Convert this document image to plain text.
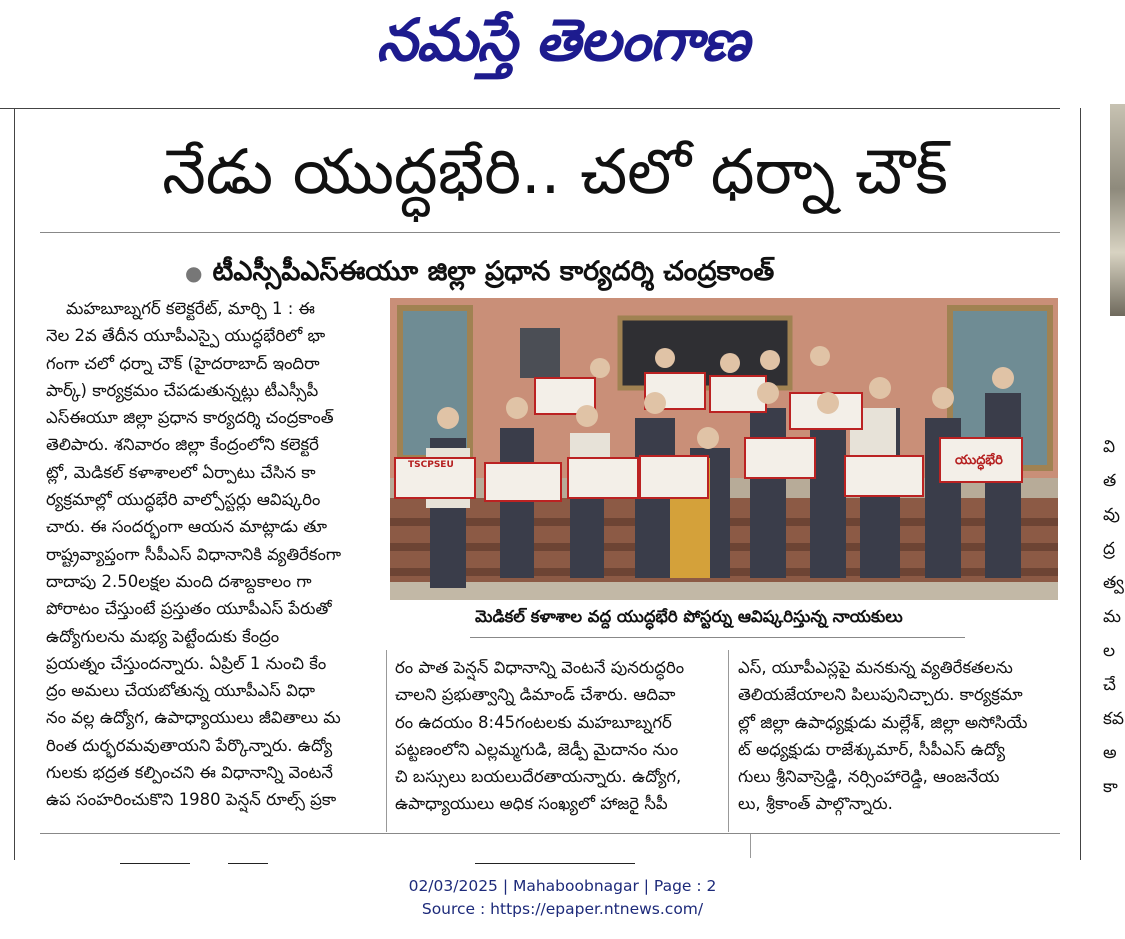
నమస్తే తెలంగాణ
నేడు యుద్ధభేరి.. చలో ధర్నా చౌక్
● టీఎస్సీపీఎస్ఈయూ జిల్లా ప్రధాన కార్యదర్శి చంద్రకాంత్

మహబూబ్నగర్ కలెక్టరేట్, మార్చి 1 : ఈ

నెల 2వ తేదీన యూపీఎస్పై యుద్ధభేరిలో భా

గంగా చలో ధర్నా చౌక్ (హైదరాబాద్ ఇందిరా

పార్క్) కార్యక్రమం చేపడుతున్నట్లు టీఎస్సీపీ

ఎస్ఈయూ జిల్లా ప్రధాన కార్యదర్శి చంద్రకాంత్

తెలిపారు. శనివారం జిల్లా కేంద్రంలోని కలెక్టరే

ట్లో, మెడికల్ కళాశాలలో ఏర్పాటు చేసిన కా

ర్యక్రమాల్లో యుద్ధభేరి వాల్పోస్టర్లు ఆవిష్కరిం

చారు. ఈ సందర్భంగా ఆయన మాట్లాడు తూ

రాష్ట్రవ్యాప్తంగా సీపీఎస్ విధానానికి వ్యతిరేకంగా

దాదాపు 2.50లక్షల మంది దశాబ్దకాలం గా

పోరాటం చేస్తుంటే ప్రస్తుతం యూపీఎస్ పేరుతో

ఉద్యోగులను మభ్య పెట్టేందుకు కేంద్రం

ప్రయత్నం చేస్తుందన్నారు. ఏప్రిల్ 1 నుంచి కేం

ద్రం అమలు చేయబోతున్న యూపీఎస్ విధా

నం వల్ల ఉద్యోగ, ఉపాధ్యాయులు జీవితాలు మ

రింత దుర్భరమవుతాయని పేర్కొన్నారు. ఉద్యో

గులకు భద్రత కల్పించని ఈ విధానాన్ని వెంటనే

ఉప సంహరించుకొని 1980 పెన్షన్ రూల్స్ ప్రకా

TSCPSEU	యుద్ధభేరి
మెడికల్ కళాశాల వద్ద యుద్ధభేరి పోస్టర్ను ఆవిష్కరిస్తున్న నాయకులు

రం పాత పెన్షన్ విధానాన్ని వెంటనే పునరుద్ధరిం

చాలని ప్రభుత్వాన్ని డిమాండ్ చేశారు. ఆదివా

రం ఉదయం 8:45గంటలకు మహబూబ్నగర్

పట్టణంలోని ఎల్లమ్మగుడి, జెడ్పీ మైదానం నుం

చి బస్సులు బయలుదేరతాయన్నారు. ఉద్యోగ,

ఉపాధ్యాయులు అధిక సంఖ్యలో హాజరై సీపీ

ఎస్, యూపీఎస్లపై మనకున్న వ్యతిరేకతలను

తెలియజేయాలని పిలుపునిచ్చారు. కార్యక్రమా

ల్లో జిల్లా ఉపాధ్యక్షుడు మల్లేశ్, జిల్లా అసోసియే

ట్ అధ్యక్షుడు రాజేశ్కుమార్, సీపీఎస్ ఉద్యో

గులు శ్రీనివాస్రెడ్డి, నర్సింహారెడ్డి, ఆంజనేయ

లు, శ్రీకాంత్ పాల్గొన్నారు.

వి
త
వు
ద్ర
త్వ
మ
ల
చే
కవ
అ
కా
02/03/2025 | Mahaboobnagar | Page : 2
Source : https://epaper.ntnews.com/
